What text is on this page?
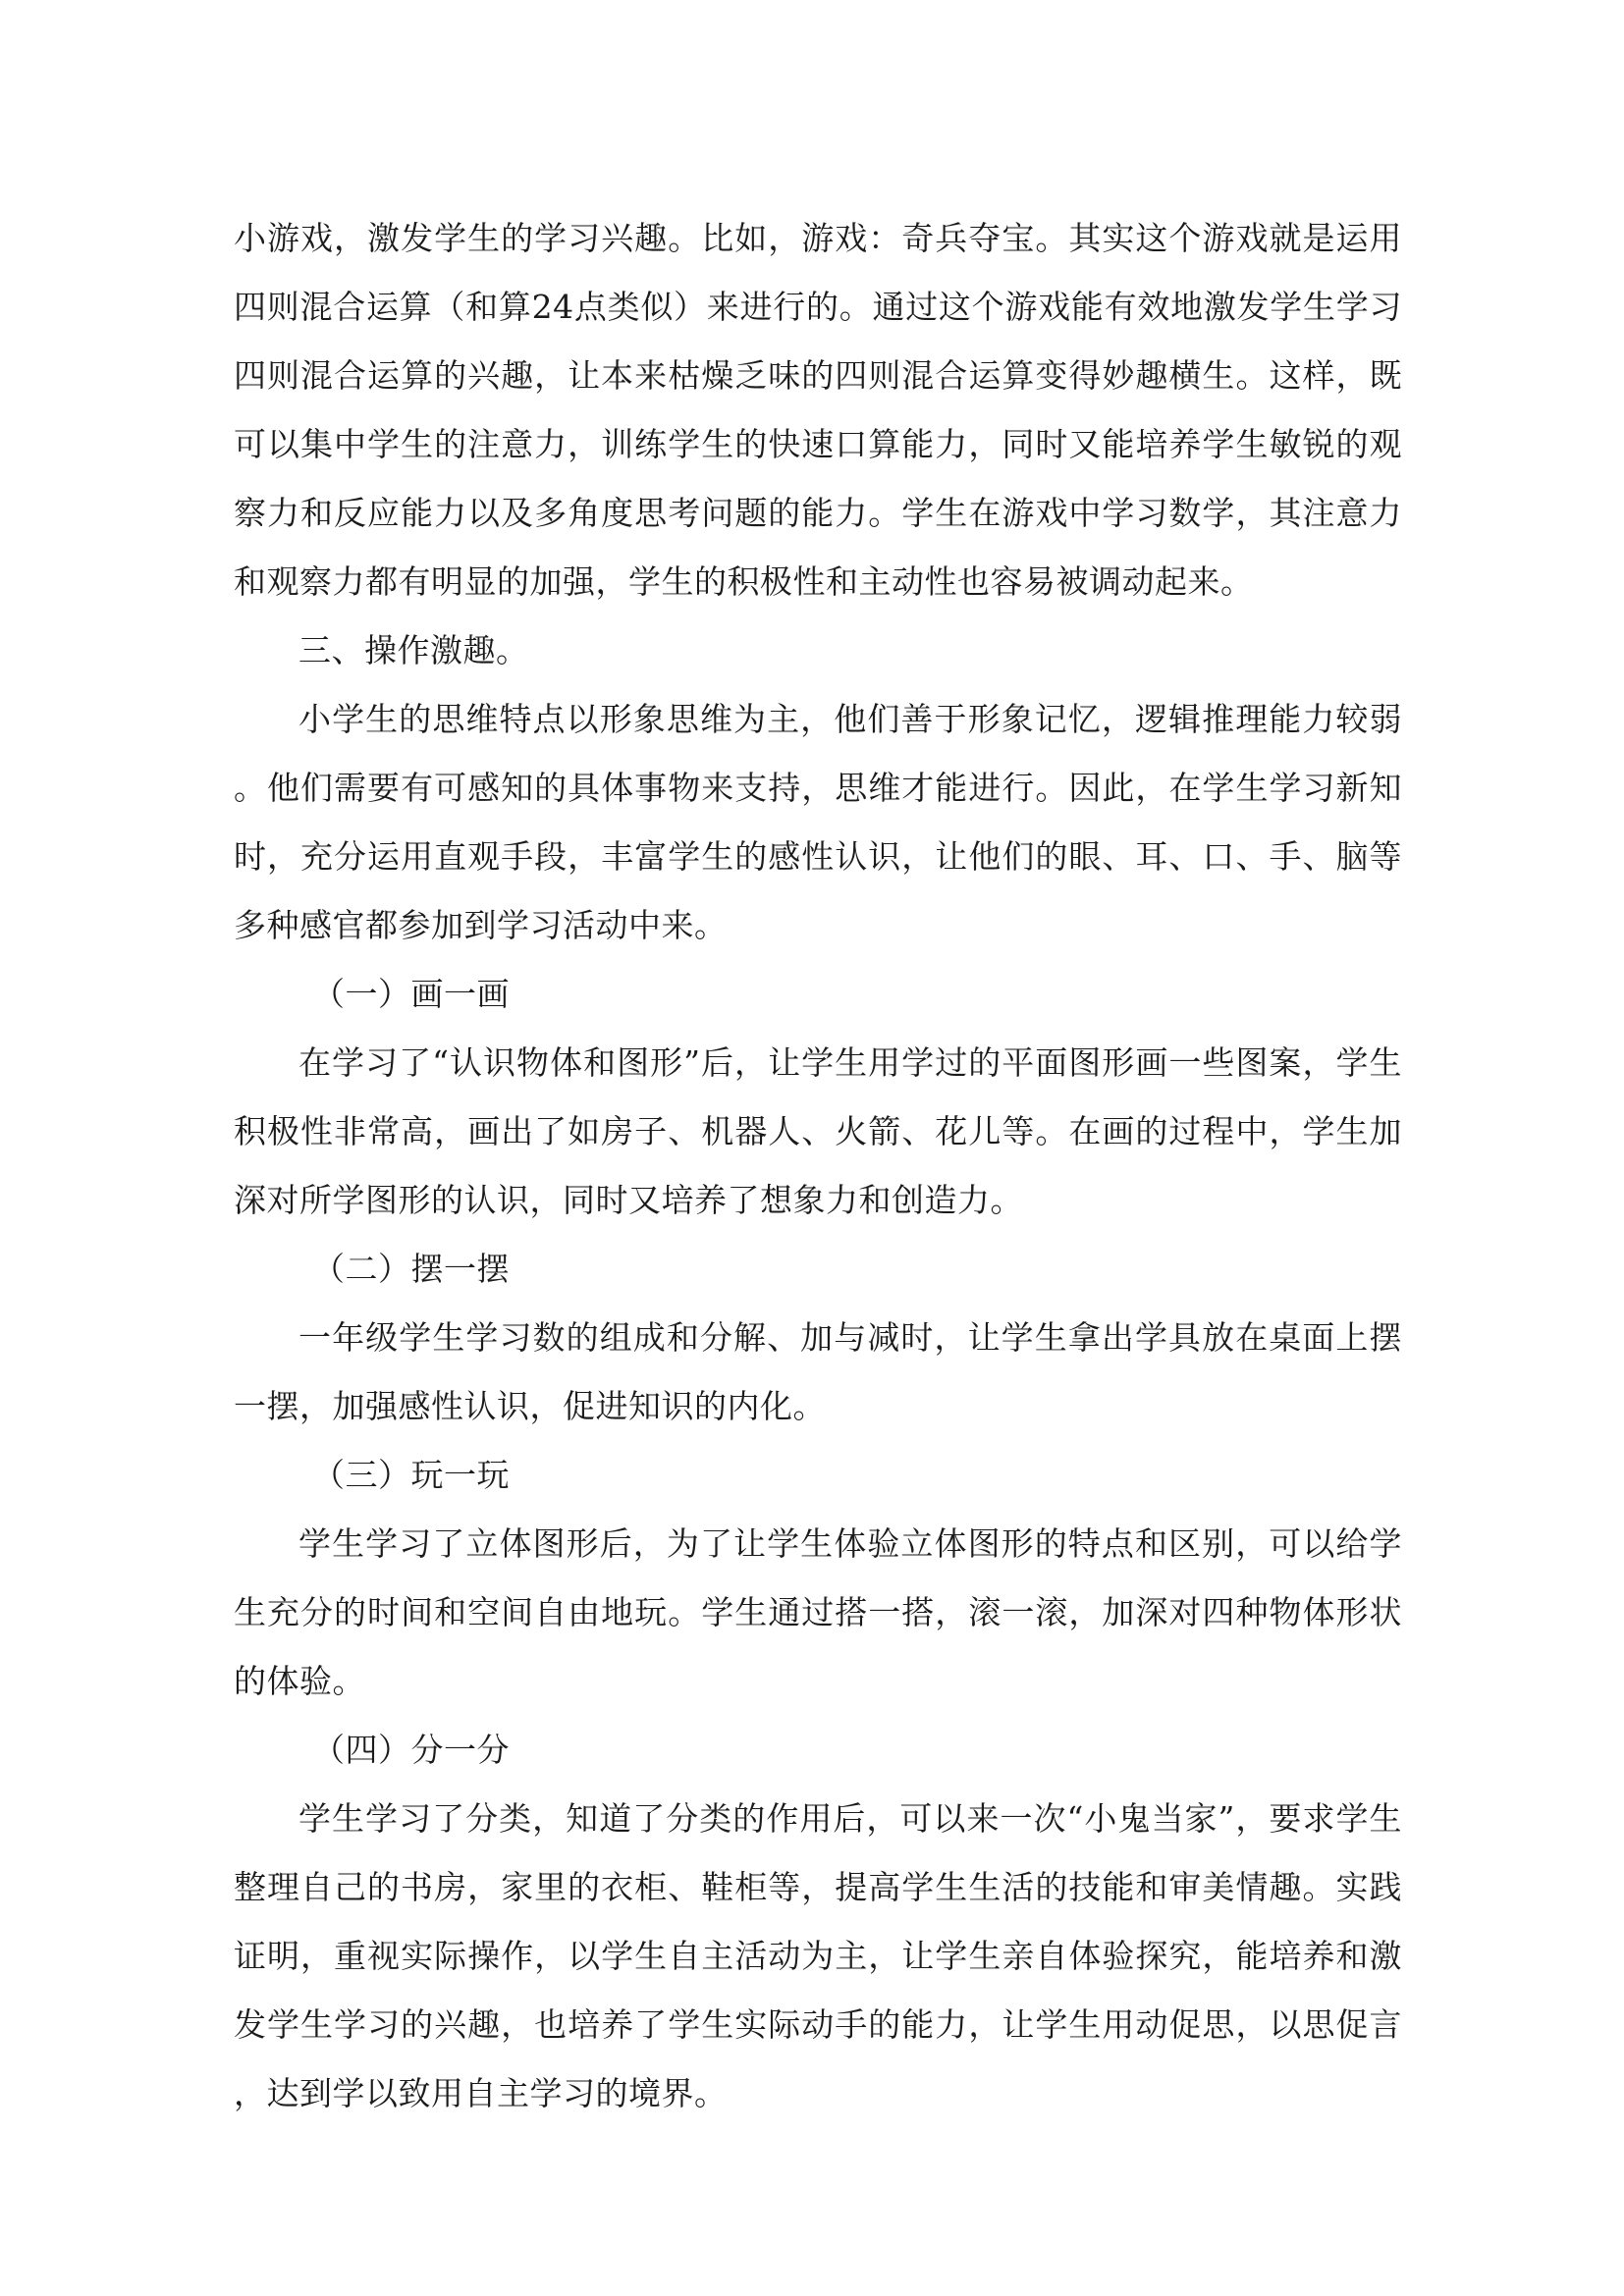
小游戏，激发学生的学习兴趣。比如，游戏：奇兵夺宝。其实这个游戏就是运用四则混合运算（和算24点类似）来进行的。通过这个游戏能有效地激发学生学习四则混合运算的兴趣，让本来枯燥乏味的四则混合运算变得妙趣横生。这样，既可以集中学生的注意力，训练学生的快速口算能力，同时又能培养学生敏锐的观察力和反应能力以及多角度思考问题的能力。学生在游戏中学习数学，其注意力和观察力都有明显的加强，学生的积极性和主动性也容易被调动起来。

三、操作激趣。

小学生的思维特点以形象思维为主，他们善于形象记忆，逻辑推理能力较弱。他们需要有可感知的具体事物来支持，思维才能进行。因此，在学生学习新知时，充分运用直观手段，丰富学生的感性认识，让他们的眼、耳、口、手、脑等多种感官都参加到学习活动中来。

（一）画一画

在学习了“认识物体和图形”后，让学生用学过的平面图形画一些图案，学生积极性非常高，画出了如房子、机器人、火箭、花儿等。在画的过程中，学生加深对所学图形的认识，同时又培养了想象力和创造力。

（二）摆一摆

一年级学生学习数的组成和分解、加与减时，让学生拿出学具放在桌面上摆一摆，加强感性认识，促进知识的内化。

（三）玩一玩

学生学习了立体图形后，为了让学生体验立体图形的特点和区别，可以给学生充分的时间和空间自由地玩。学生通过搭一搭，滚一滚，加深对四种物体形状的体验。

（四）分一分

学生学习了分类，知道了分类的作用后，可以来一次“小鬼当家”，要求学生整理自己的书房，家里的衣柜、鞋柜等，提高学生生活的技能和审美情趣。实践证明，重视实际操作，以学生自主活动为主，让学生亲自体验探究，能培养和激发学生学习的兴趣，也培养了学生实际动手的能力，让学生用动促思，以思促言，达到学以致用自主学习的境界。
